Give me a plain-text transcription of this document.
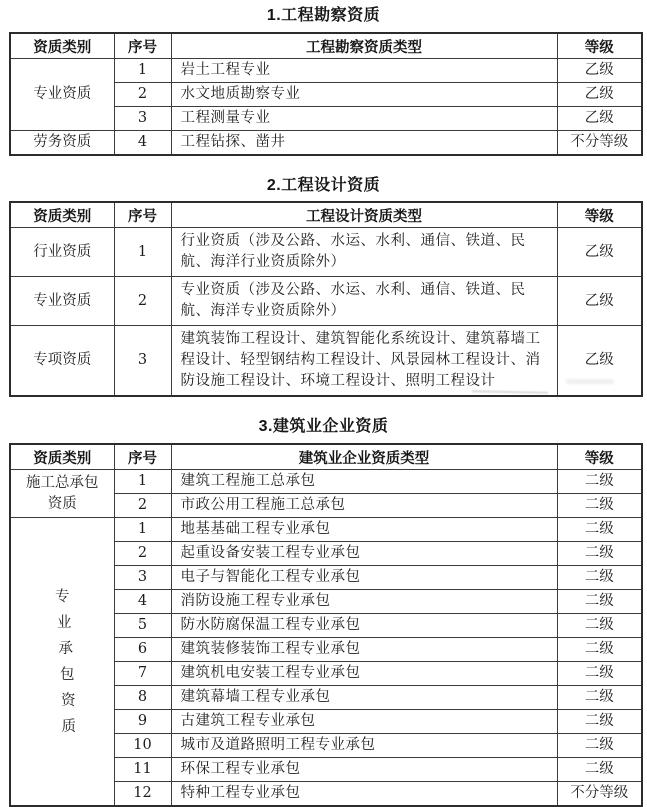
1.工程勘察资质
资质类别	序号	工程勘察资质类型	等级
专业资质	1	岩土工程专业	乙级
	2	水文地质勘察专业	乙级
	3	工程测量专业	乙级
劳务资质	4	工程钻探、凿井	不分等级
2.工程设计资质
资质类别	序号	工程设计资质类型	等级
行业资质	1	行业资质（涉及公路、水运、水利、通信、铁道、民航、海洋行业资质除外）	乙级
专业资质	2	专业资质（涉及公路、水运、水利、通信、铁道、民航、海洋专业资质除外）	乙级
专项资质	3	建筑装饰工程设计、建筑智能化系统设计、建筑幕墙工程设计、轻型钢结构工程设计、风景园林工程设计、消防设施工程设计、环境工程设计、照明工程设计	乙级
3.建筑业企业资质
资质类别	序号	建筑业企业资质类型	等级
施工总承包资质	1	建筑工程施工总承包	二级
	2	市政公用工程施工总承包	二级

专
业
承
包
资
质
	1	地基基础工程专业承包	二级
	2	起重设备安装工程专业承包	二级
	3	电子与智能化工程专业承包	二级
	4	消防设施工程专业承包	二级
	5	防水防腐保温工程专业承包	二级
	6	建筑装修装饰工程专业承包	二级
	7	建筑机电安装工程专业承包	二级
	8	建筑幕墙工程专业承包	二级
	9	古建筑工程专业承包	二级
	10	城市及道路照明工程专业承包	二级
	11	环保工程专业承包	二级
	12	特种工程专业承包	不分等级
